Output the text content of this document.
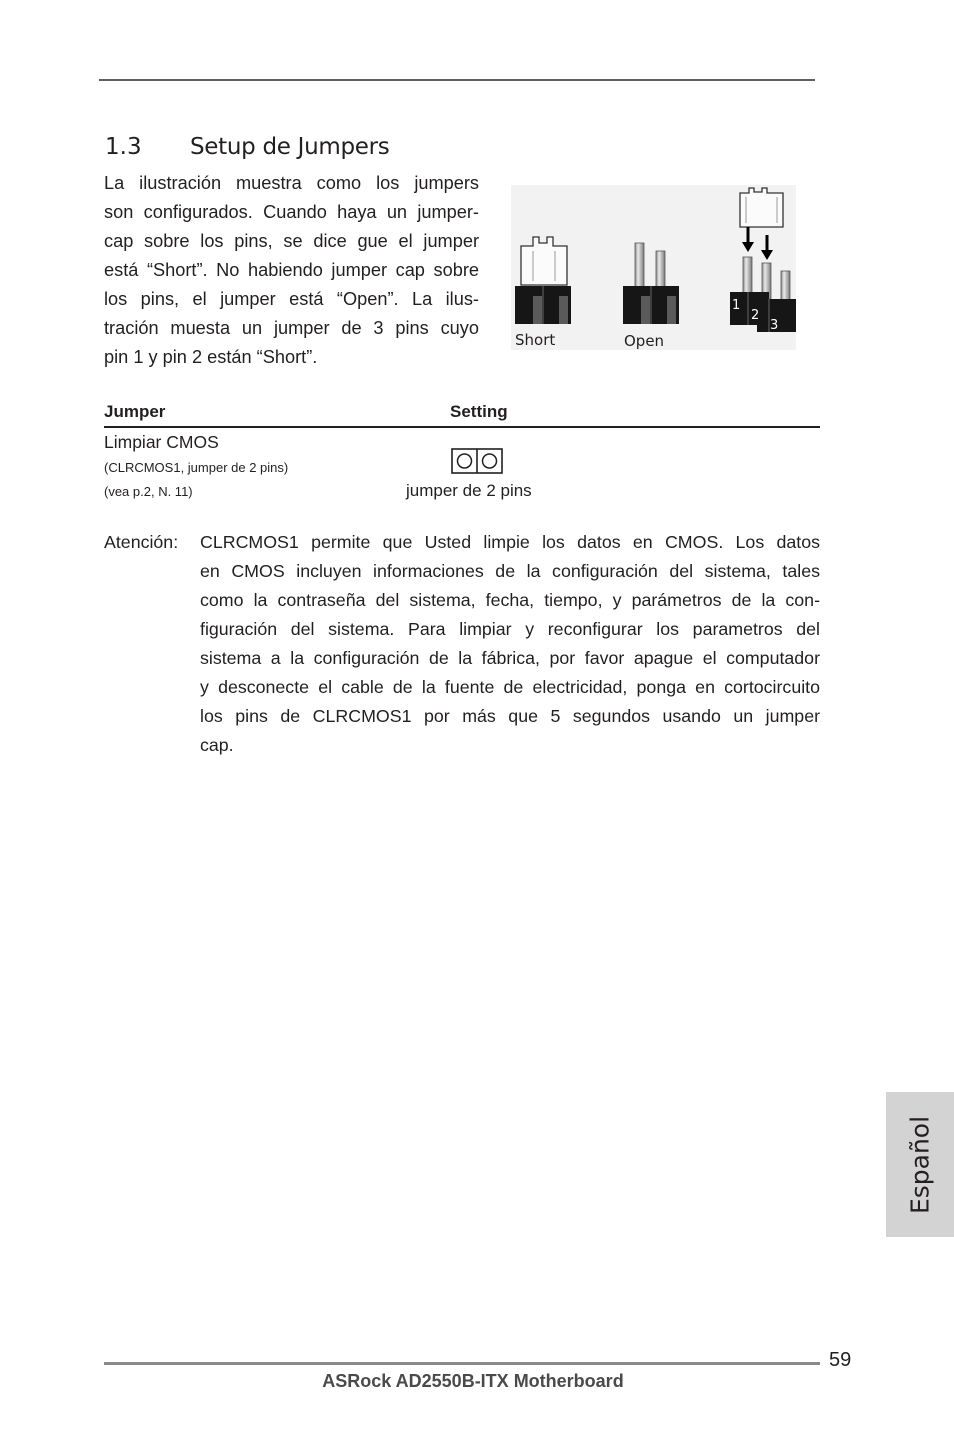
1.3 Setup de Jumpers
La ilustración muestra como los jumpers
son configurados. Cuando haya un jumper-
cap sobre los pins, se dice gue el jumper
está “Short”. No habiendo jumper cap sobre
los pins, el jumper está “Open”. La ilus-
tración muesta un jumper de 3 pins cuyo
pin 1 y pin 2 están “Short”.
1
2
3
Short	Open
Jumper	Setting
Limpiar CMOS
(CLRCMOS1, jumper de 2 pins)
(vea p.2, N. 11)	jumper de 2 pins
Atención: CLRCMOS1 permite que Usted limpie los datos en CMOS. Los datos
en CMOS incluyen informaciones de la configuración del sistema, tales
como la contraseña del sistema, fecha, tiempo, y parámetros de la con-
figuración del sistema. Para limpiar y reconfigurar los parametros del
sistema a la configuración de la fábrica, por favor apague el computador
y desconecte el cable de la fuente de electricidad, ponga en cortocircuito
los pins de CLRCMOS1 por más que 5 segundos usando un jumper
cap.
Español
59
ASRock AD2550B-ITX Motherboard
